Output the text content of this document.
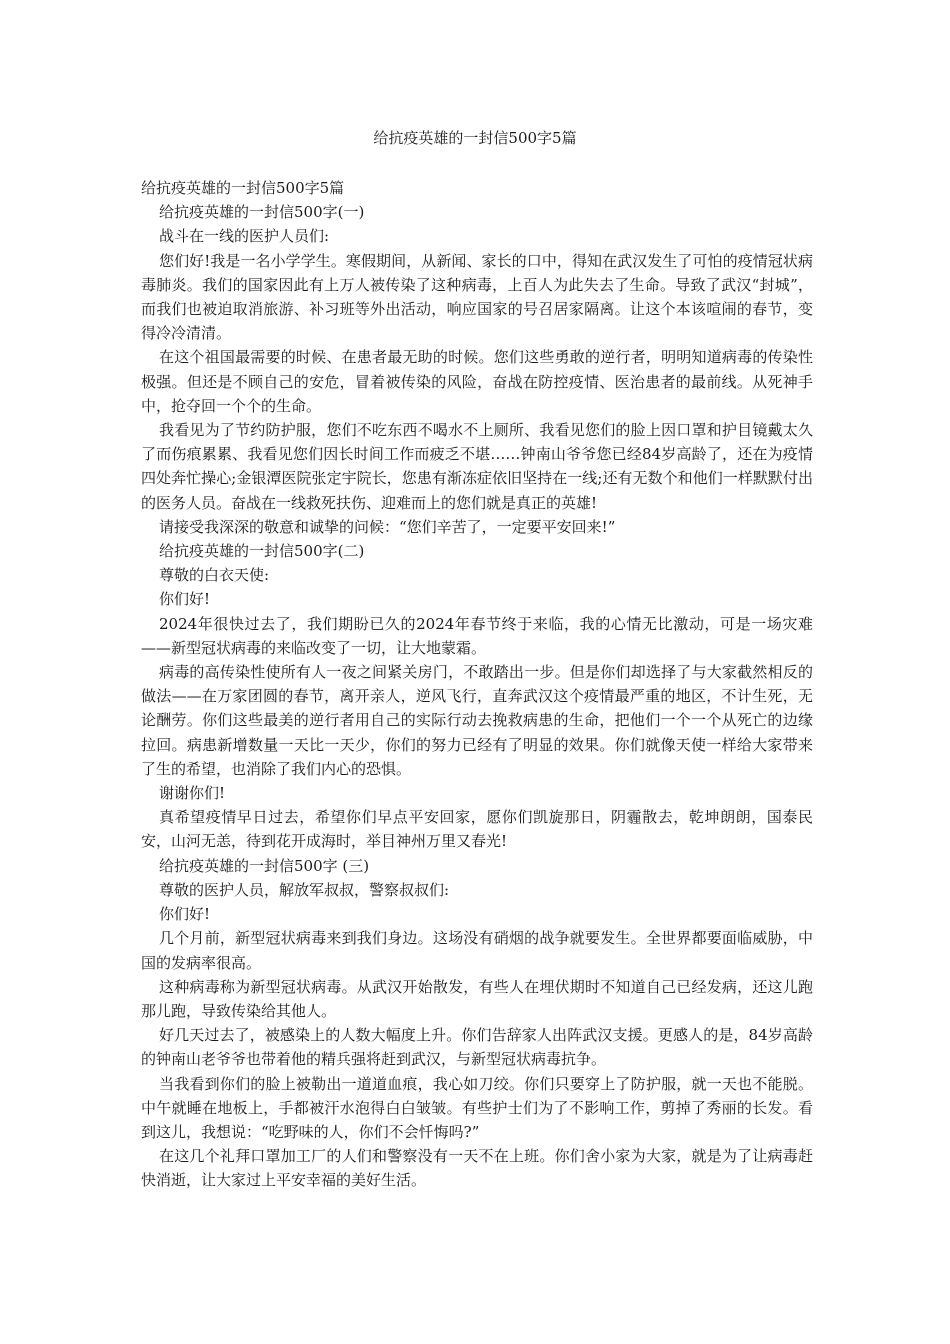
给抗疫英雄的一封信500字5篇

给抗疫英雄的一封信500字5篇

给抗疫英雄的一封信500字(一)

战斗在一线的医护人员们:

您们好!我是一名小学学生。寒假期间，从新闻、家长的口中，得知在武汉发生了可怕的疫情冠状病毒肺炎。我们的国家因此有上万人被传染了这种病毒，上百人为此失去了生命。导致了武汉“封城”，而我们也被迫取消旅游、补习班等外出活动，响应国家的号召居家隔离。让这个本该喧闹的春节，变得冷冷清清。

在这个祖国最需要的时候、在患者最无助的时候。您们这些勇敢的逆行者，明明知道病毒的传染性极强。但还是不顾自己的安危，冒着被传染的风险，奋战在防控疫情、医治患者的最前线。从死神手中，抢夺回一个个的生命。

我看见为了节约防护服，您们不吃东西不喝水不上厕所、我看见您们的脸上因口罩和护目镜戴太久了而伤痕累累、我看见您们因长时间工作而疲乏不堪……钟南山爷爷您已经84岁高龄了，还在为疫情四处奔忙操心;金银潭医院张定宇院长，您患有渐冻症依旧坚持在一线;还有无数个和他们一样默默付出的医务人员。奋战在一线救死扶伤、迎难而上的您们就是真正的英雄!

请接受我深深的敬意和诚挚的问候：“您们辛苦了，一定要平安回来!”

给抗疫英雄的一封信500字(二)

尊敬的白衣天使:

你们好!

2024年很快过去了，我们期盼已久的2024年春节终于来临，我的心情无比激动，可是一场灾难——新型冠状病毒的来临改变了一切，让大地蒙霜。

病毒的高传染性使所有人一夜之间紧关房门，不敢踏出一步。但是你们却选择了与大家截然相反的做法——在万家团圆的春节，离开亲人，逆风飞行，直奔武汉这个疫情最严重的地区，不计生死，无论酬劳。你们这些最美的逆行者用自己的实际行动去挽救病患的生命，把他们一个一个从死亡的边缘拉回。病患新增数量一天比一天少，你们的努力已经有了明显的效果。你们就像天使一样给大家带来了生的希望，也消除了我们内心的恐惧。

谢谢你们!

真希望疫情早日过去，希望你们早点平安回家，愿你们凯旋那日，阴霾散去，乾坤朗朗，国泰民安，山河无恙，待到花开成海时，举目神州万里又春光!

给抗疫英雄的一封信500字 (三)

尊敬的医护人员，解放军叔叔，警察叔叔们:

你们好!

几个月前，新型冠状病毒来到我们身边。这场没有硝烟的战争就要发生。全世界都要面临威胁，中国的发病率很高。

这种病毒称为新型冠状病毒。从武汉开始散发，有些人在埋伏期时不知道自己已经发病，还这儿跑那儿跑，导致传染给其他人。

好几天过去了，被感染上的人数大幅度上升。你们告辞家人出阵武汉支援。更感人的是，84岁高龄的钟南山老爷爷也带着他的精兵强将赶到武汉，与新型冠状病毒抗争。

当我看到你们的脸上被勒出一道道血痕，我心如刀绞。你们只要穿上了防护服，就一天也不能脱。中午就睡在地板上，手都被汗水泡得白白皱皱。有些护士们为了不影响工作，剪掉了秀丽的长发。看到这儿，我想说：“吃野味的人，你们不会忏悔吗?”

在这几个礼拜口罩加工厂的人们和警察没有一天不在上班。你们舍小家为大家，就是为了让病毒赶快消逝，让大家过上平安幸福的美好生活。
